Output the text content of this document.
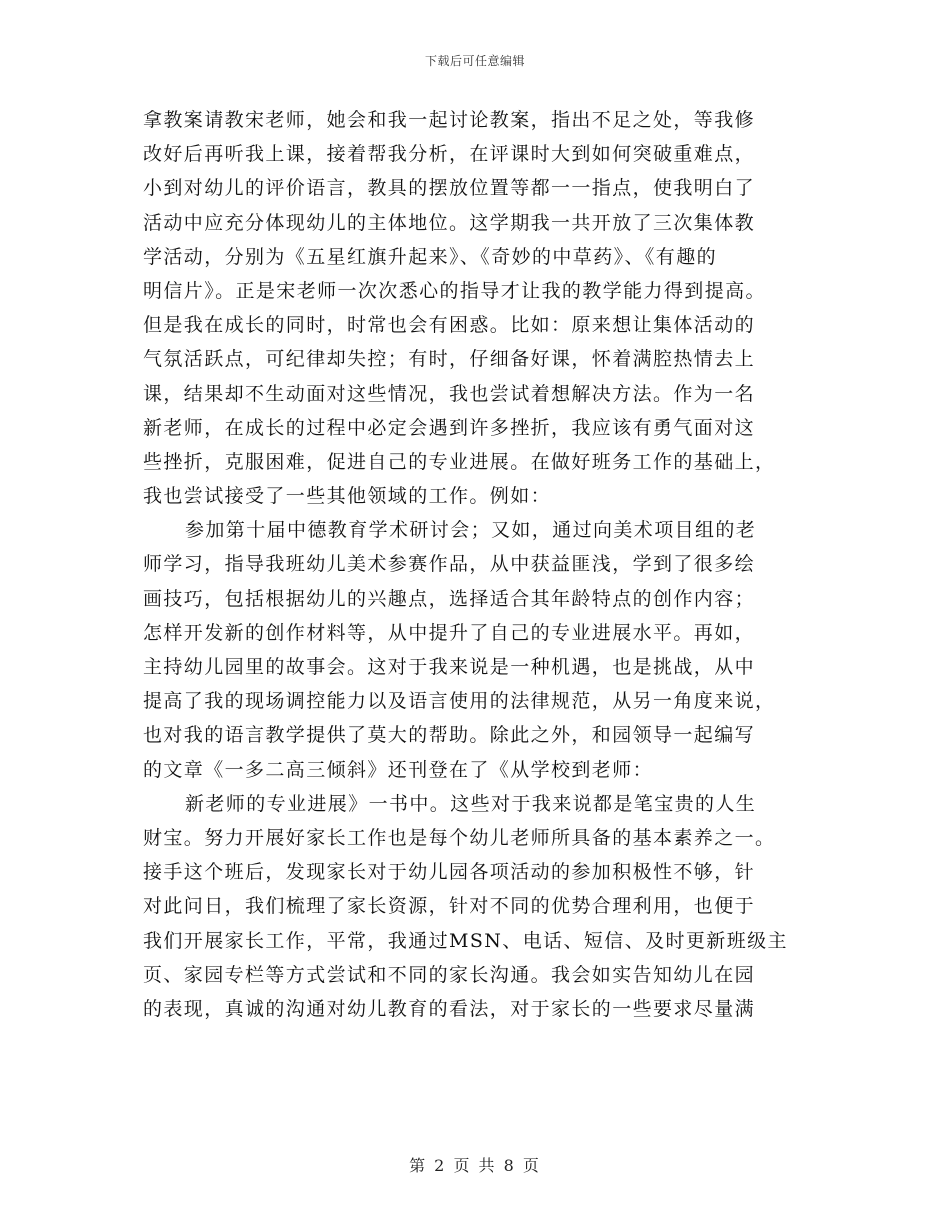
下载后可任意编辑
拿教案请教宋老师，她会和我一起讨论教案，指出不足之处，等我修
改好后再听我上课，接着帮我分析，在评课时大到如何突破重难点，
小到对幼儿的评价语言，教具的摆放位置等都一一指点，使我明白了
活动中应充分体现幼儿的主体地位。这学期我一共开放了三次集体教
学活动，分别为《五星红旗升起来》、《奇妙的中草药》、《有趣的
明信片》。正是宋老师一次次悉心的指导才让我的教学能力得到提高。
但是我在成长的同时，时常也会有困惑。比如：原来想让集体活动的
气氛活跃点，可纪律却失控；有时，仔细备好课，怀着满腔热情去上
课，结果却不生动面对这些情况，我也尝试着想解决方法。作为一名
新老师，在成长的过程中必定会遇到许多挫折，我应该有勇气面对这
些挫折，克服困难，促进自己的专业进展。在做好班务工作的基础上，
我也尝试接受了一些其他领域的工作。例如：
参加第十届中德教育学术研讨会；又如，通过向美术项目组的老
师学习，指导我班幼儿美术参赛作品，从中获益匪浅，学到了很多绘
画技巧，包括根据幼儿的兴趣点，选择适合其年龄特点的创作内容；
怎样开发新的创作材料等，从中提升了自己的专业进展水平。再如，
主持幼儿园里的故事会。这对于我来说是一种机遇，也是挑战，从中
提高了我的现场调控能力以及语言使用的法律规范，从另一角度来说，
也对我的语言教学提供了莫大的帮助。除此之外，和园领导一起编写
的文章《一多二高三倾斜》还刊登在了《从学校到老师：
新老师的专业进展》一书中。这些对于我来说都是笔宝贵的人生
财宝。努力开展好家长工作也是每个幼儿老师所具备的基本素养之一。
接手这个班后，发现家长对于幼儿园各项活动的参加积极性不够，针
对此问日，我们梳理了家长资源，针对不同的优势合理利用，也便于
我们开展家长工作，平常，我通过MSN、电话、短信、及时更新班级主
页、家园专栏等方式尝试和不同的家长沟通。我会如实告知幼儿在园
的表现，真诚的沟通对幼儿教育的看法，对于家长的一些要求尽量满
第 2 页 共 8 页
